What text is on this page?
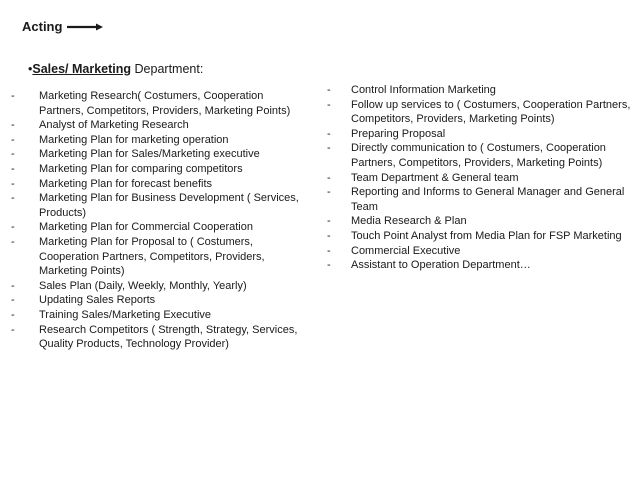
Acting
•Sales/ Marketing Department:
- Marketing Research( Costumers, Cooperation Partners, Competitors, Providers, Marketing Points)
- Analyst of Marketing Research
- Marketing Plan for marketing operation
- Marketing Plan for Sales/Marketing executive
- Marketing Plan for comparing competitors
- Marketing Plan for forecast benefits
- Marketing Plan for Business Development ( Services, Products)
- Marketing Plan for Commercial Cooperation
- Marketing Plan for Proposal to ( Costumers, Cooperation Partners, Competitors, Providers, Marketing Points)
- Sales Plan (Daily, Weekly, Monthly, Yearly)
- Updating Sales Reports
- Training Sales/Marketing Executive
- Research Competitors ( Strength, Strategy, Services, Quality Products, Technology Provider)
- Control Information Marketing
- Follow up services to ( Costumers, Cooperation Partners, Competitors, Providers, Marketing Points)
- Preparing Proposal
- Directly communication to ( Costumers, Cooperation Partners, Competitors, Providers, Marketing Points)
- Team Department & General team
- Reporting and Informs to General Manager and General Team
- Media Research & Plan
- Touch Point Analyst from Media Plan for FSP Marketing
- Commercial Executive
- Assistant to Operation Department…
